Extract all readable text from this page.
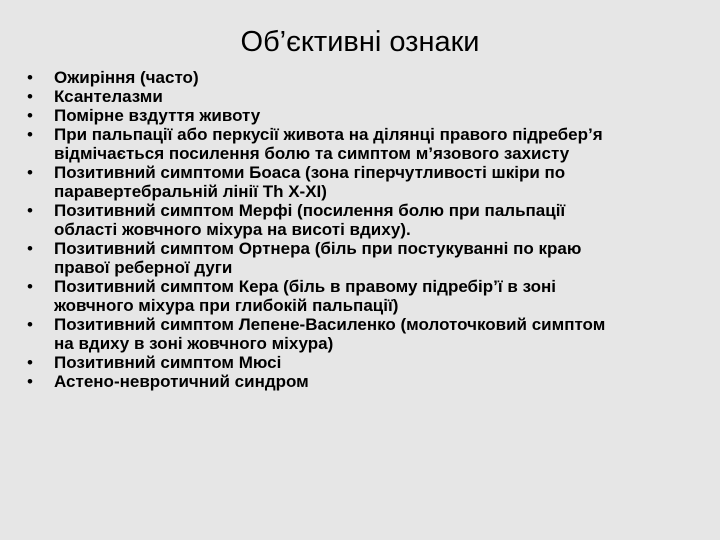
Об’єктивні ознаки
•	Ожиріння (часто)
•	Ксантелазми
•	Помірне вздуття животу
•	При пальпації або перкусії живота на ділянці правого підребер’я
відмічається посилення болю та симптом м’язового захисту
•	Позитивний симптоми Боаса (зона гіперчутливості шкіри по
паравертебральній лінії Th X-XI)
•	Позитивний симптом Мерфі (посилення болю при пальпації
області жовчного міхура на висоті вдиху).
•	Позитивний симптом Ортнера (біль при постукуванні по краю
правої реберної дуги
•	Позитивний симптом Кера (біль в правому підребір’ї в зоні
жовчного міхура при глибокій пальпації)
•	Позитивний симптом Лепене-Василенко (молоточковий симптом
на вдиху в зоні жовчного міхура)
•	Позитивний симптом Мюсі
•	Астено-невротичний синдром
